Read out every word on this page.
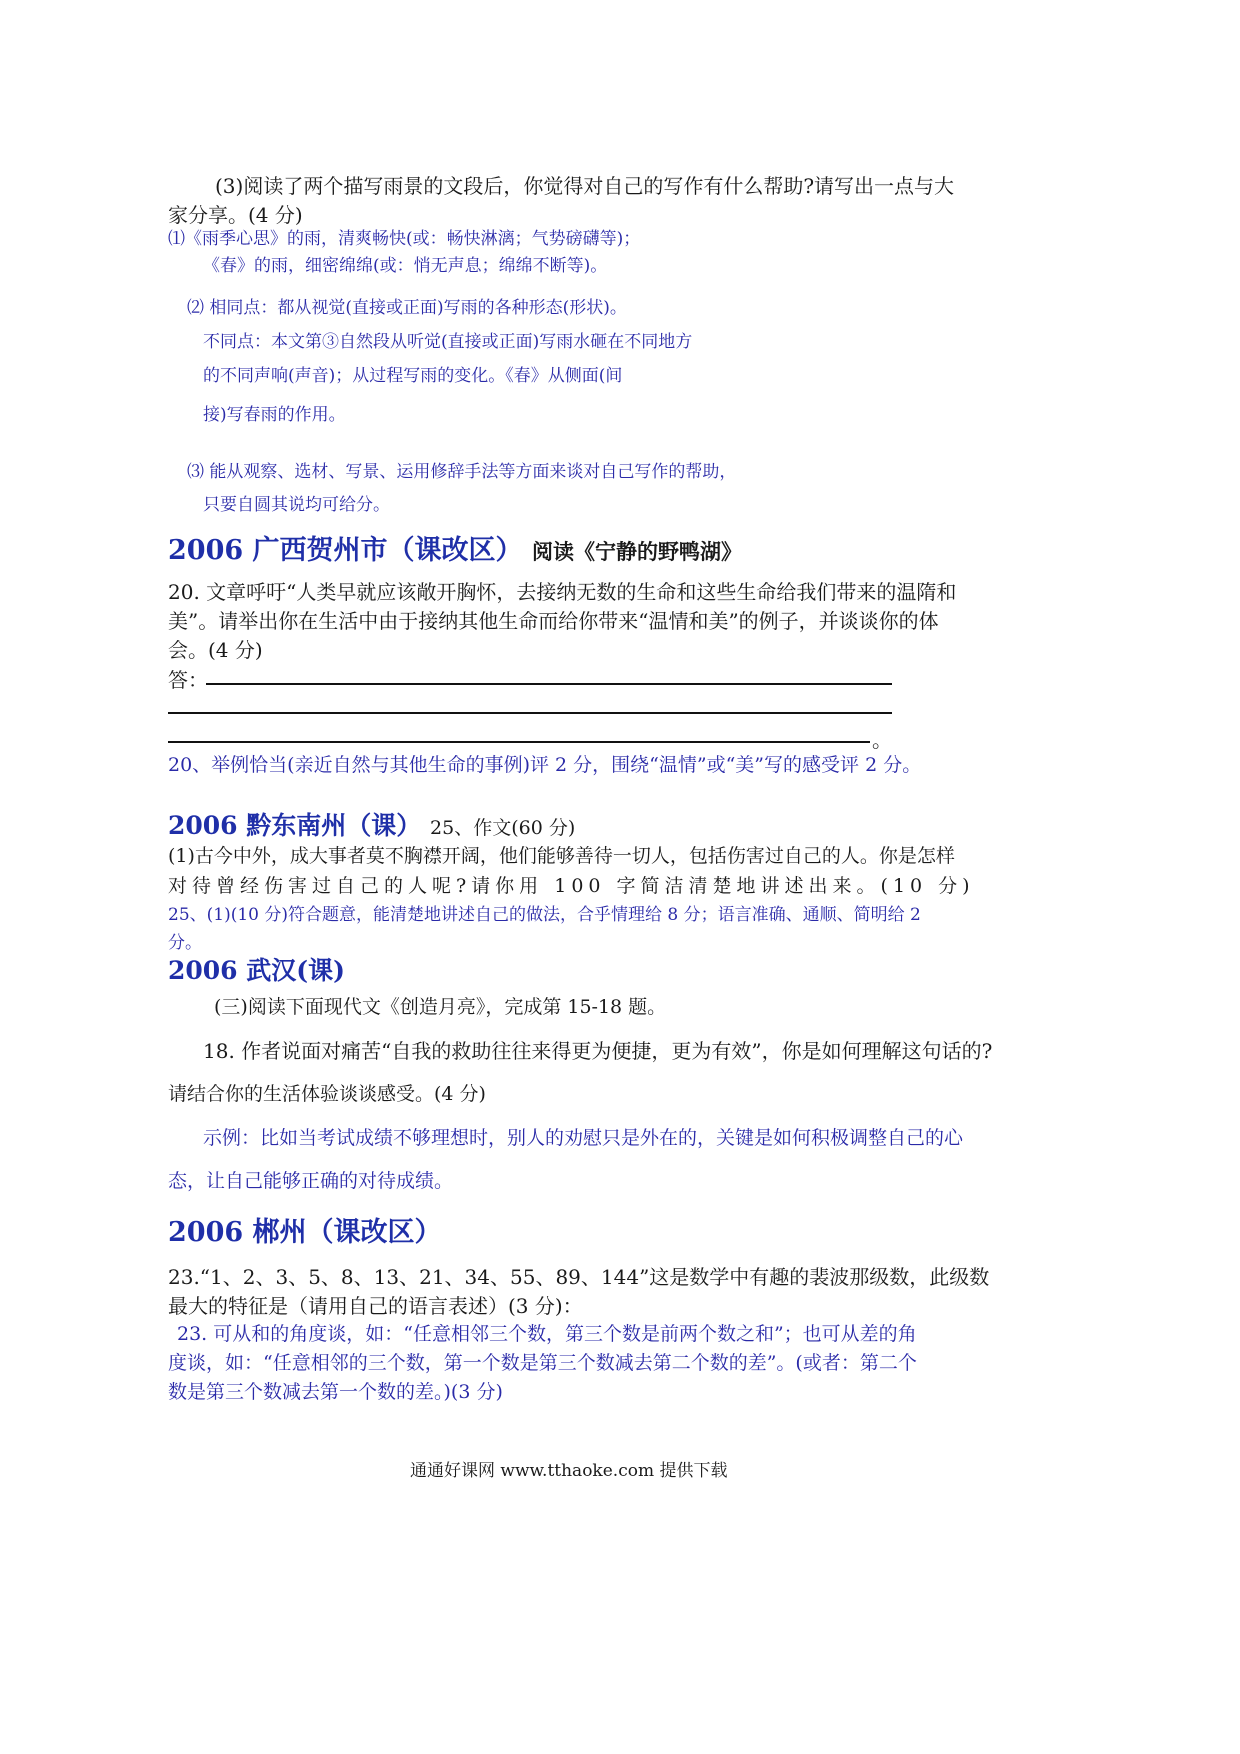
(3)阅读了两个描写雨景的文段后，你觉得对自己的写作有什么帮助?请写出一点与大

家分享。(4 分)

⑴《雨季心思》的雨，清爽畅快(或：畅快淋漓；气势磅礴等)；

《春》的雨，细密绵绵(或：悄无声息；绵绵不断等)。

⑵ 相同点：都从视觉(直接或正面)写雨的各种形态(形状)。

不同点：本文第③自然段从听觉(直接或正面)写雨水砸在不同地方

的不同声响(声音)；从过程写雨的变化。《春》从侧面(间

接)写春雨的作用。

⑶ 能从观察、选材、写景、运用修辞手法等方面来谈对自己写作的帮助，

只要自圆其说均可给分。

2006 广西贺州市（课改区） 阅读《宁静的野鸭湖》

20. 文章呼吁“人类早就应该敞开胸怀，去接纳无数的生命和这些生命给我们带来的温隋和

美”。请举出你在生活中由于接纳其他生命而给你带来“温情和美”的例子，并谈谈你的体

会。(4 分)

答：

。

20、举例恰当(亲近自然与其他生命的事例)评 2 分，围绕“温情”或“美”写的感受评 2 分。

2006 黔东南州（课） 25、作文(60 分)

(1)古今中外，成大事者莫不胸襟开阔，他们能够善待一切人，包括伤害过自己的人。你是怎样

对待曾经伤害过自己的人呢?请你用 100 字简洁清楚地讲述出来。(10 分)

25、(1)(10 分)符合题意，能清楚地讲述自己的做法，合乎情理给 8 分；语言准确、通顺、简明给 2

分。

2006 武汉(课)

(三)阅读下面现代文《创造月亮》，完成第 15-18 题。

18. 作者说面对痛苦“自我的救助往往来得更为便捷，更为有效”，你是如何理解这句话的?

请结合你的生活体验谈谈感受。(4 分)

示例：比如当考试成绩不够理想时，别人的劝慰只是外在的，关键是如何积极调整自己的心

态，让自己能够正确的对待成绩。

2006 郴州（课改区）

23.“1、2、3、5、8、13、21、34、55、89、144”这是数学中有趣的裴波那级数，此级数

最大的特征是（请用自己的语言表述）(3 分)：

23. 可从和的角度谈，如：“任意相邻三个数，第三个数是前两个数之和”；也可从差的角

度谈，如：“任意相邻的三个数，第一个数是第三个数减去第二个数的差”。(或者：第二个

数是第三个数减去第一个数的差。)(3 分)

通通好课网 www.tthaoke.com 提供下载
